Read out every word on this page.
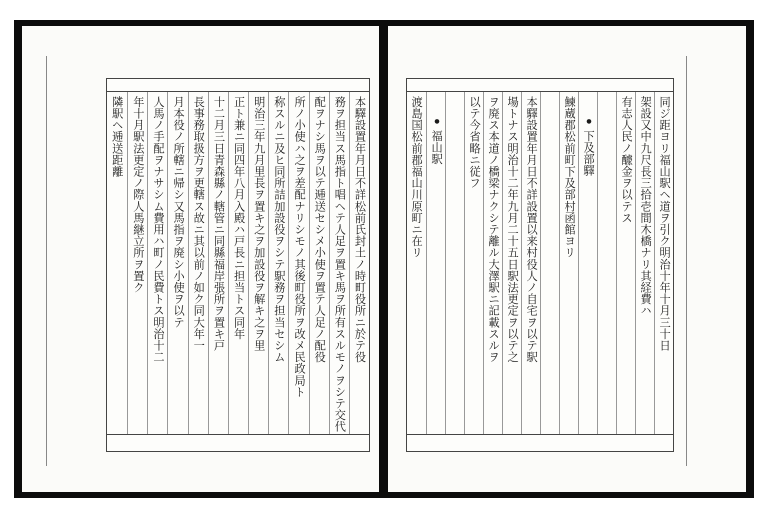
本驛設置年月日不詳松前氏封土ノ時町役所ニ於テ役
務ヲ担当ス馬指ト唱ヘテ人足ヲ置キ馬ヲ所有スルモノヲシテ交代
配ヲナシ馬ヲ以テ逓送セシメ小使ヲ置テ人足ノ配役
所ノ小使ハ之ヲ差配ナリシモノ其後町役所ヲ改メ民政局ト
称スルニ及ヒ同所詰加設役ヲシテ駅務ヲ担当セシム
明治三年九月里長ヲ置キ之ヲ加設役ヲ解キ之ヲ里
正ト兼ニ同四年八月入殿ハ戸長ニ担当トス同年
十二月三日青森縣ノ轄管ニ同縣福岸張所ヲ置キ戸
長事務取扱方ヲ更轄ス故ニ其以前ノ如ク同大年一
月本役ノ所轄ニ帰シ又馬指ヲ廃シ小使ヲ以テ
人馬ノ手配ヲナサシム費用ハ町ノ民費トス明治十二
年十月駅法更定ノ際人馬継立所ヲ置ク
隣駅ヘ逓送距離	同ジ距ヨリ福山駅ヘ道ヲ引ク明治十年十月三十日
架設又中九尺長三拾壱間木橋ナリ其経費ハ
有志人民ノ醵金ヲ以テス
下及部驛
●
鰊蔵郡松前町下及部村函館ヨリ
本驛設置年月日不詳設置以来村役人ノ自宅ヲ以テ駅
場トナス明治十二年九月二十五日駅法更定ヲ以テ之
ヲ廃ス本道ノ橋梁ナクシテ離ル大澤駅ニ記載スルヲ
以テ今省略ニ従フ
福山駅
●
渡島国松前郡福山川原町ニ在リ
